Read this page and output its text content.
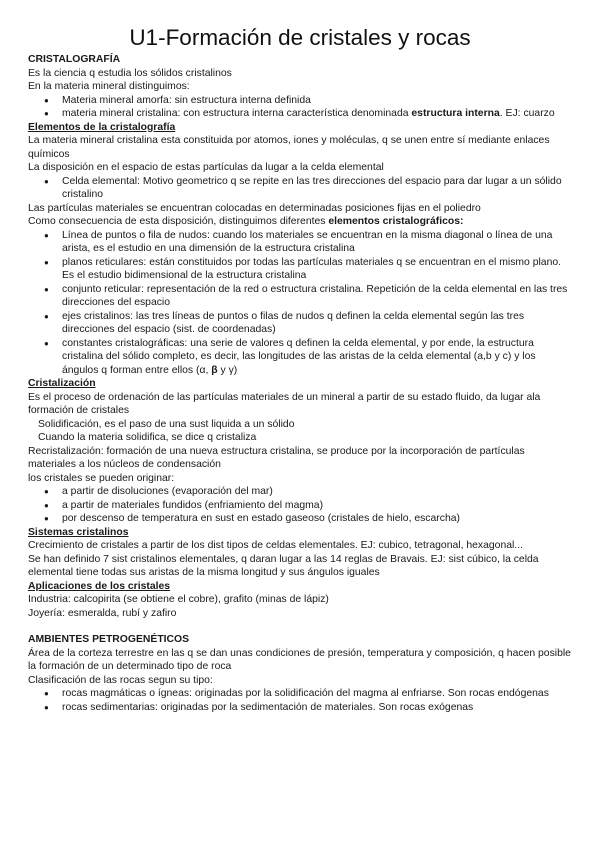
U1-Formación de cristales y rocas

CRISTALOGRAFÍA

Es la ciencia q estudia los sólidos cristalinos

En la materia mineral distinguimos:

● Materia mineral amorfa: sin estructura interna definida
● materia mineral cristalina: con estructura interna característica denominada estructura interna. EJ: cuarzo

Elementos de la cristalografía

La materia mineral cristalina esta constituida por atomos, iones y moléculas, q se unen entre sí mediante enlaces químicos

La disposición en el espacio de estas partículas da lugar a la celda elemental

● Celda elemental: Motivo geometrico q se repite en las tres direcciones del espacio para dar lugar a un sólido cristalino

Las partículas materiales se encuentran colocadas en determinadas posiciones fijas en el poliedro

Como consecuencia de esta disposición, distinguimos diferentes elementos cristalográficos:

● Línea de puntos o fila de nudos: cuando los materiales se encuentran en la misma diagonal o línea de una arista, es el estudio en una dimensión de la estructura cristalina
● planos reticulares: están constituidos por todas las partículas materiales q se encuentran en el mismo plano. Es el estudio bidimensional de la estructura cristalina
● conjunto reticular: representación de la red o estructura cristalina. Repetición de la celda elemental en las tres direcciones del espacio
● ejes cristalinos: las tres líneas de puntos o filas de nudos q definen la celda elemental según las tres direcciones del espacio (sist. de coordenadas)
● constantes cristalográficas: una serie de valores q definen la celda elemental, y por ende, la estructura cristalina del sólido completo, es decir, las longitudes de las aristas de la celda elemental (a,b y c) y los ángulos q forman entre ellos (α, β y γ)

Cristalización

Es el proceso de ordenación de las partículas materiales de un mineral a partir de su estado fluido, da lugar ala formación de cristales

Solidificación, es el paso de una sust liquida a un sólido

Cuando la materia solidifica, se dice q cristaliza

Recristalización: formación de una nueva estructura cristalina, se produce por la incorporación de partículas materiales a los núcleos de condensación

los cristales se pueden originar:

● a partir de disoluciones (evaporación del mar)
● a partir de materiales fundidos (enfriamiento del magma)
● por descenso de temperatura en sust en estado gaseoso (cristales de hielo, escarcha)

Sistemas cristalinos

Crecimiento de cristales a partir de los dist tipos de celdas elementales. EJ: cubico, tetragonal, hexagonal...

Se han definido 7 sist cristalinos elementales, q daran lugar a las 14 reglas de Bravais. EJ: sist cúbico, la celda elemental tiene todas sus aristas de la misma longitud y sus ángulos iguales

Aplicaciones de los cristales

Industria: calcopirita (se obtiene el cobre), grafito (minas de lápiz)

Joyería: esmeralda, rubí y zafiro

AMBIENTES PETROGENÉTICOS

Área de la corteza terrestre en las q se dan unas condiciones de presión, temperatura y composición, q hacen posible la formación de un determinado tipo de roca

Clasificación de las rocas segun su tipo:

● rocas magmáticas o ígneas: originadas por la solidificación del magma al enfriarse. Son rocas endógenas
● rocas sedimentarias: originadas por la sedimentación de materiales. Son rocas exógenas
